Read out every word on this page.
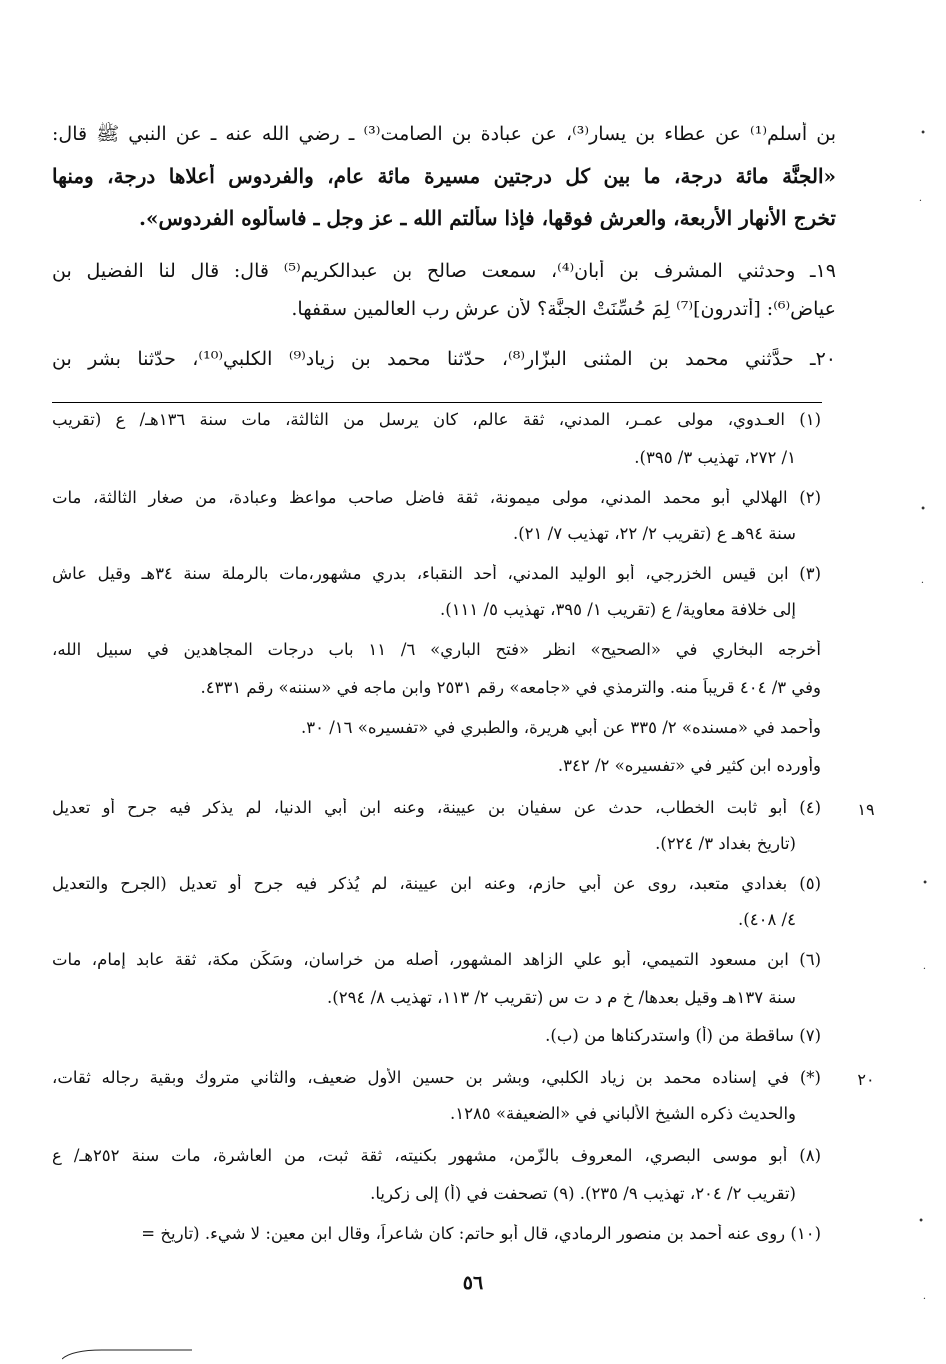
بن أسلم⁽¹⁾ عن عطاء بن يسار⁽³⁾، عن عبادة بن الصامت⁽³⁾ ـ رضي الله عنه ـ عن النبي ﷺ قال:
«الجنَّة مائة درجة، ما بين كل درجتين مسيرة مائة عام، والفردوس أعلاها درجة، ومنها
تخرج الأنهار الأربعة، والعرش فوقها، فإذا سألتم الله ـ عز وجل ـ فاسألوه الفردوس».
١٩ـ وحدثني المشرف بن أبان⁽⁴⁾، سمعت صالح بن عبدالكريم⁽⁵⁾ قال: قال لنا الفضيل بن
عياض⁽⁶⁾: [أتدرون]⁽⁷⁾ لِمَ حُسِّنَتْ الجنَّة؟ لأن عرش رب العالمين سقفها.
٢٠ـ حدَّثني محمد بن المثنى البزّار⁽⁸⁾، حدّثنا محمد بن زياد⁽⁹⁾ الكلبي⁽¹⁰⁾، حدّثنا بشر بن
(١) العـدوي، مولى عمـر، المدني، ثقة عالم، كان يرسل من الثالثة، مات سنة ١٣٦هـ/ ع (تقريب
١/ ٢٧٢، تهذيب ٣/ ٣٩٥).
(٢) الهلالي أبو محمد المدني، مولى ميمونة، ثقة فاضل صاحب مواعظ وعبادة، من صغار الثالثة، مات
سنة ٩٤هـ ع (تقريب ٢/ ٢٢، تهذيب ٧/ ٢١).
(٣) ابن قيس الخزرجي، أبو الوليد المدني، أحد النقباء، بدري مشهور،مات بالرملة سنة ٣٤هـ وقيل عاش
إلى خلافة معاوية/ ع (تقريب ١/ ٣٩٥، تهذيب ٥/ ١١١).
أخرجه البخاري في «الصحيح» انظر «فتح الباري» ٦/ ١١ باب درجات المجاهدين في سبيل الله،
وفي ٣/ ٤٠٤ قريباً منه. والترمذي في «جامعه» رقم ٢٥٣١ وابن ماجه في «سننه» رقم ٤٣٣١.
وأحمد في «مسنده» ٢/ ٣٣٥ عن أبي هريرة، والطبري في «تفسيره» ١٦/ ٣٠.
وأورده ابن كثير في «تفسيره» ٢/ ٣٤٢.
١٩
(٤) أبو ثابت الخطاب، حدث عن سفيان بن عيينة، وعنه ابن أبي الدنيا، لم يذكر فيه جرح أو تعديل
(تاريخ بغداد ٣/ ٢٢٤).
(٥) بغدادي متعبد، روى عن أبي حازم، وعنه ابن عيينة، لم يُذكر فيه جرح أو تعديل (الجرح والتعديل
٤/ ٤٠٨).
(٦) ابن مسعود التميمي، أبو علي الزاهد المشهور، أصله من خراسان، وسَكَن مكة، ثقة عابد إمام، مات
سنة ١٣٧هـ وقيل بعدها/ خ م د ت س (تقريب ٢/ ١١٣، تهذيب ٨/ ٢٩٤).
(٧) ساقطة من (أ) واستدركناها من (ب).
٢٠
(*) في إسناده محمد بن زياد الكلبي، وبشر بن حسين الأول ضعيف، والثاني متروك وبقية رجاله ثقات،
والحديث ذكره الشيخ الألباني في «الضعيفة» ١٢٨٥.
(٨) أبو موسى البصري، المعروف بالزّمن، مشهور بكنيته، ثقة ثبت، من العاشرة، مات سنة ٢٥٢هـ/ ع
(تقريب ٢/ ٢٠٤، تهذيب ٩/ ٢٣٥). (٩) تصحفت في (أ) إلى زكريا.
(١٠) روى عنه أحمد بن منصور الرمادي، قال أبو حاتم: كان شاعراً، وقال ابن معين: لا شيء. (تاريخ =
٥٦
•
·
•
·
•
·
•
·
